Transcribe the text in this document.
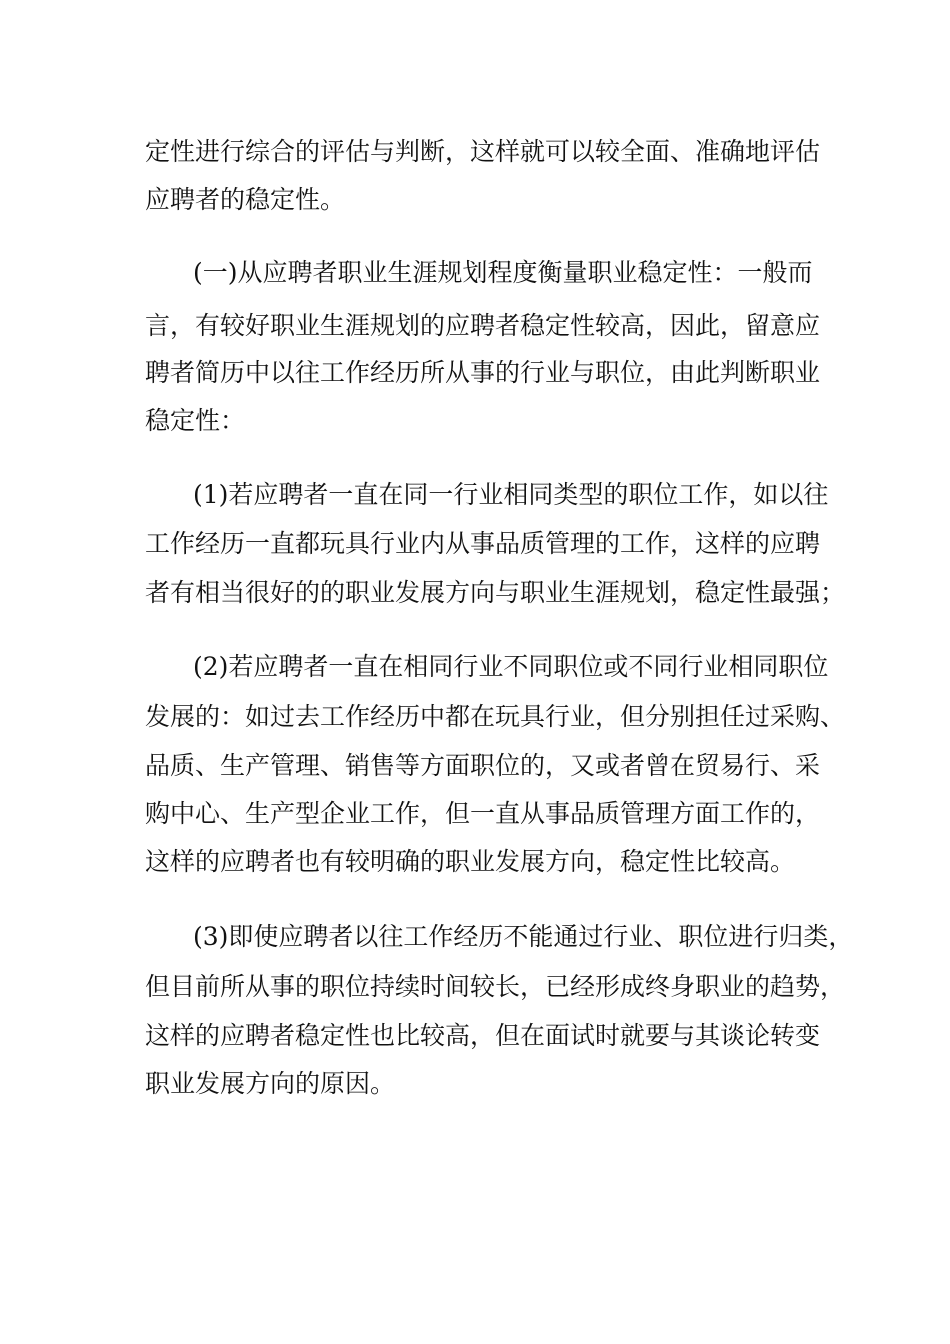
定性进行综合的评估与判断，这样就可以较全面、准确地评估

应聘者的稳定性。

(一)从应聘者职业生涯规划程度衡量职业稳定性：一般而

言，有较好职业生涯规划的应聘者稳定性较高，因此，留意应

聘者简历中以往工作经历所从事的行业与职位，由此判断职业

稳定性：

(1)若应聘者一直在同一行业相同类型的职位工作，如以往

工作经历一直都玩具行业内从事品质管理的工作，这样的应聘

者有相当很好的的职业发展方向与职业生涯规划，稳定性最强；

(2)若应聘者一直在相同行业不同职位或不同行业相同职位

发展的：如过去工作经历中都在玩具行业，但分别担任过采购、

品质、生产管理、销售等方面职位的，又或者曾在贸易行、采

购中心、生产型企业工作，但一直从事品质管理方面工作的，

这样的应聘者也有较明确的职业发展方向，稳定性比较高。

(3)即使应聘者以往工作经历不能通过行业、职位进行归类，

但目前所从事的职位持续时间较长，已经形成终身职业的趋势，

这样的应聘者稳定性也比较高，但在面试时就要与其谈论转变

职业发展方向的原因。
